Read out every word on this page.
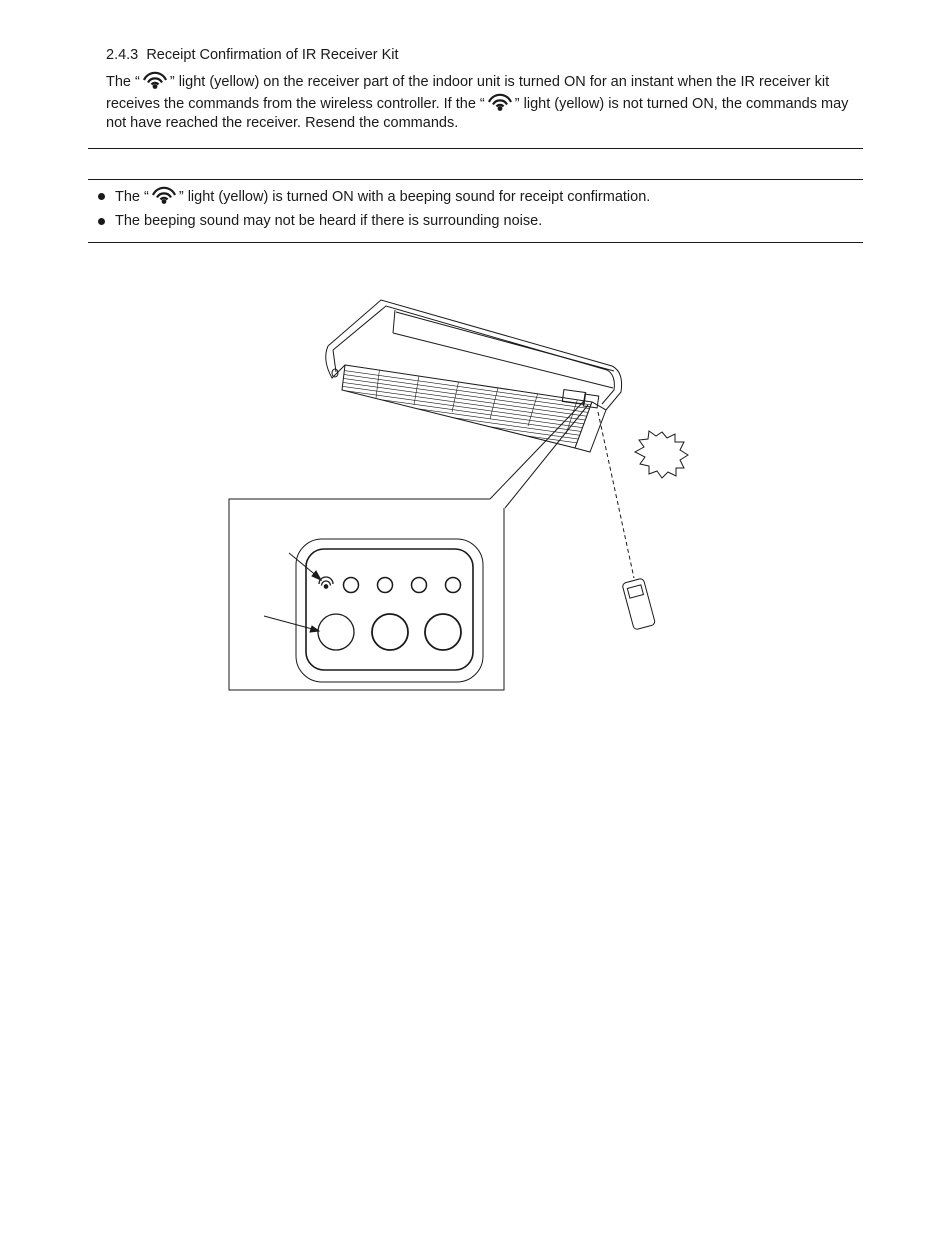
2.4.3 Receipt Confirmation of IR Receiver Kit

The “ ” light (yellow) on the receiver part of the indoor unit is turned ON for an instant when the IR receiver kit receives the commands from the wireless controller. If the “ ” light (yellow) is not turned ON, the commands may not have reached the receiver. Resend the commands.

The “ ” light (yellow) is turned ON with a beeping sound for receipt confirmation.
The beeping sound may not be heard if there is surrounding noise.
